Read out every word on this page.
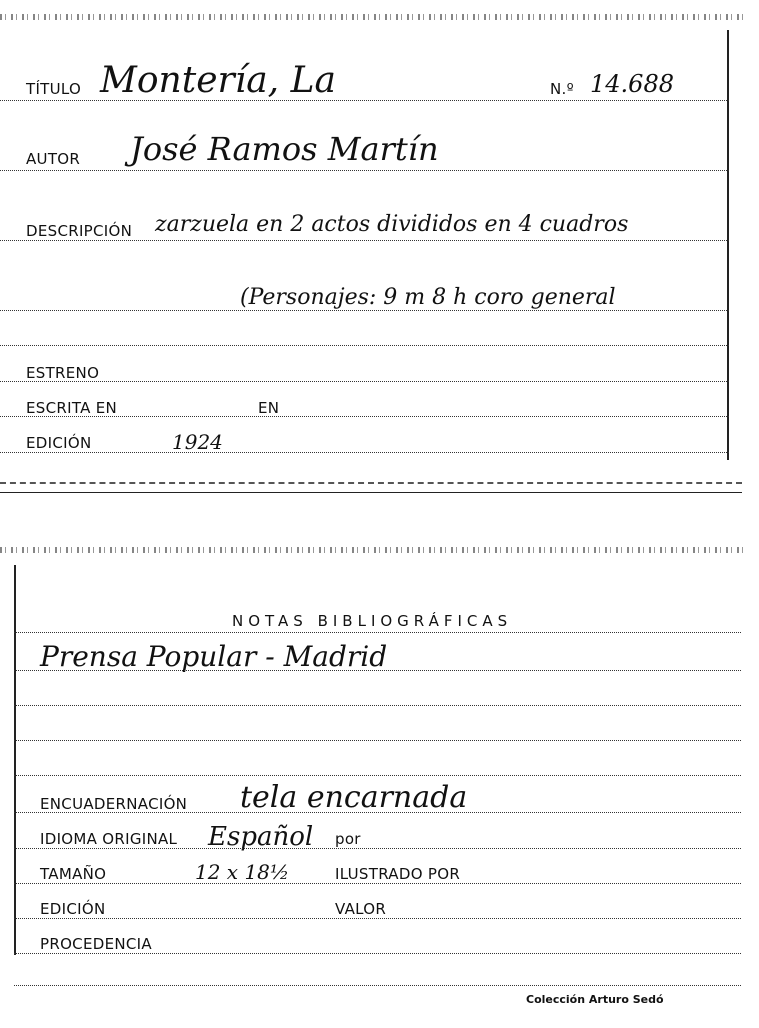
TÍTULO Montería, La	N.º 14.688
AUTOR José Ramos Martín
DESCRIPCIÓN zarzuela en 2 actos divididos en 4 cuadros
(Personajes: 9 m 8 h coro general
ESTRENO
ESCRITA EN	EN
EDICIÓN	1924
NOTAS BIBLIOGRÁFICAS
Prensa Popular - Madrid
ENCUADERNACIÓN tela encarnada
IDIOMA ORIGINAL Español por
TAMAÑO	12 x 18½	ILUSTRADO POR
EDICIÓN	VALOR
PROCEDENCIA
Colección Arturo Sedó
